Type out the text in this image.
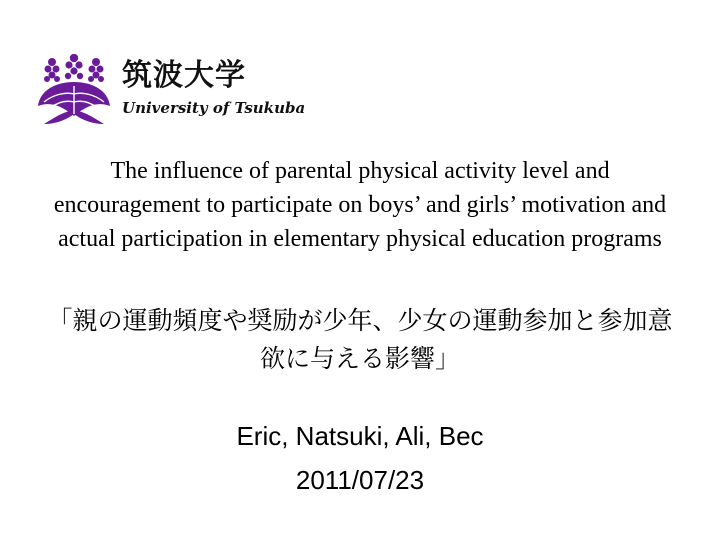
筑波大学
University of Tsukuba
The influence of parental physical activity level and encouragement to participate on boys’ and girls’ motivation and actual participation in elementary physical education programs
「親の運動頻度や奨励が少年、少女の運動参加と参加意欲に与える影響」
Eric, Natsuki, Ali, Bec
2011/07/23
